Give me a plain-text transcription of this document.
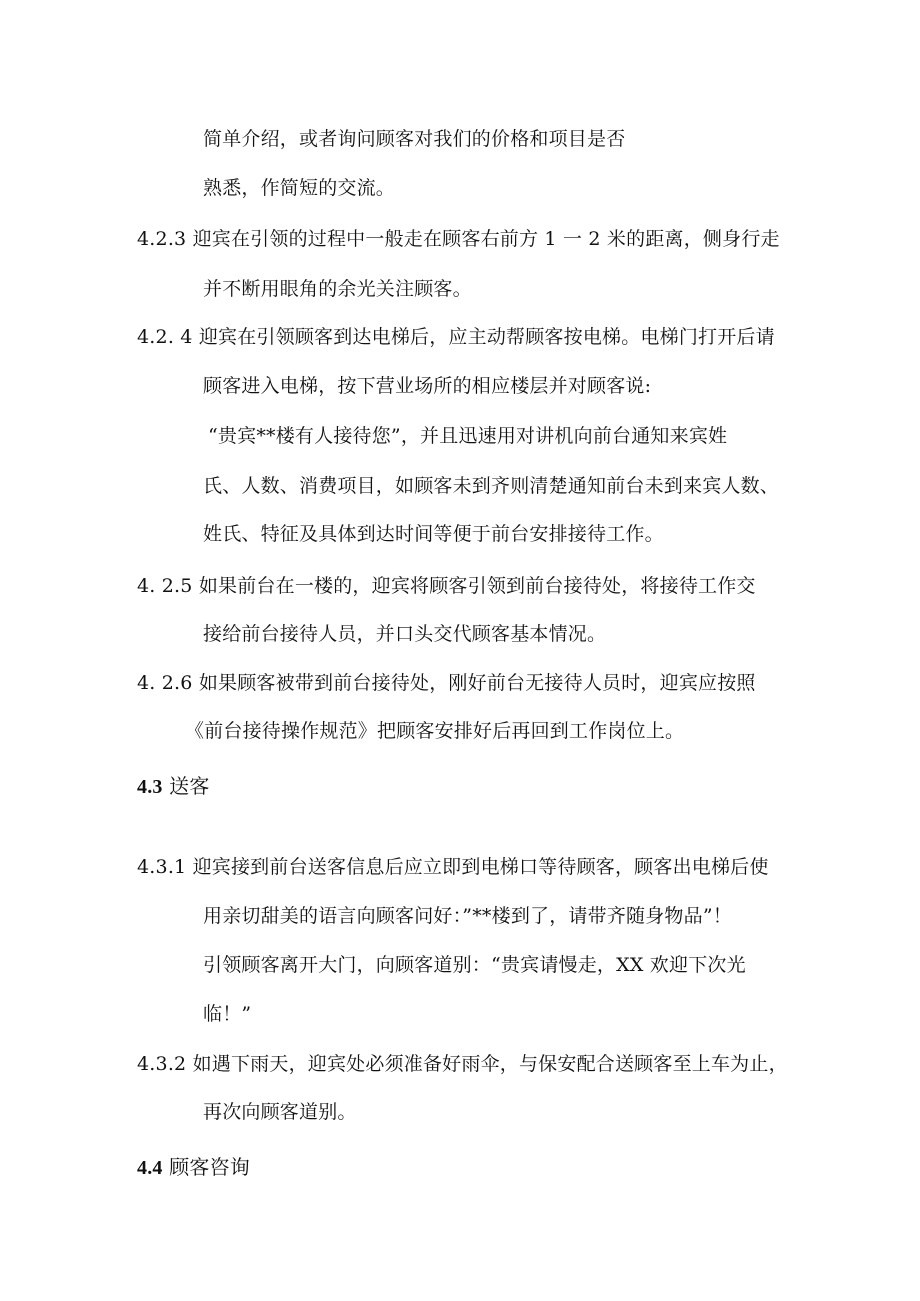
简单介绍，或者询问顾客对我们的价格和项目是否
熟悉，作简短的交流。
4.2.3 迎宾在引领的过程中一般走在顾客右前方 1 一 2 米的距离，侧身行走
并不断用眼角的余光关注顾客。
4.2. 4 迎宾在引领顾客到达电梯后，应主动帮顾客按电梯。电梯门打开后请
顾客进入电梯，按下营业场所的相应楼层并对顾客说:
“贵宾**楼有人接待您”，并且迅速用对讲机向前台通知来宾姓
氏、人数、消费项目，如顾客未到齐则清楚通知前台未到来宾人数、
姓氏、特征及具体到达时间等便于前台安排接待工作。
4. 2.5 如果前台在一楼的，迎宾将顾客引领到前台接待处，将接待工作交
接给前台接待人员，并口头交代顾客基本情况。
4. 2.6 如果顾客被带到前台接待处，刚好前台无接待人员时，迎宾应按照
《前台接待操作规范》把顾客安排好后再回到工作岗位上。
4.3 送客
4.3.1 迎宾接到前台送客信息后应立即到电梯口等待顾客，顾客出电梯后使
用亲切甜美的语言向顾客问好：”**楼到了，请带齐随身物品”！
引领顾客离开大门，向顾客道别：“贵宾请慢走，XX 欢迎下次光
临！”
4.3.2 如遇下雨天，迎宾处必须准备好雨伞，与保安配合送顾客至上车为止，
再次向顾客道别。
4.4 顾客咨询
